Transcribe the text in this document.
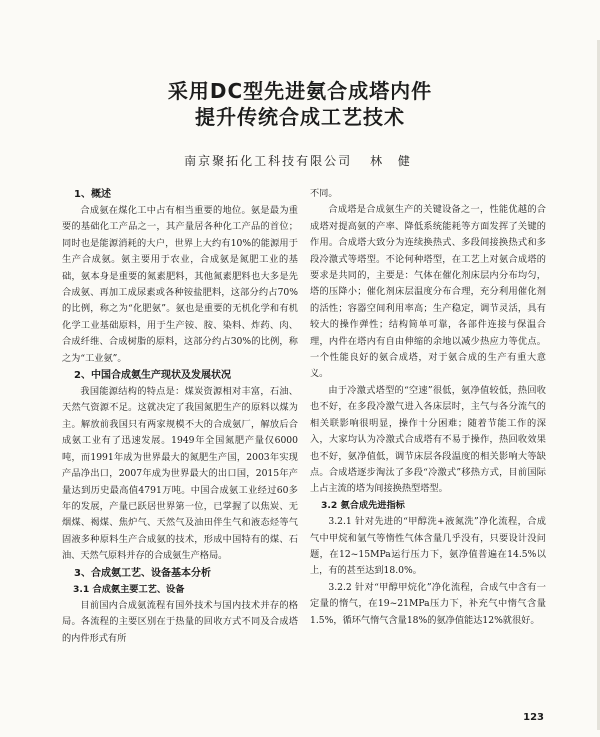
采用DC型先进氨合成塔内件
提升传统合成工艺技术
南京聚拓化工科技有限公司 林 健
1、概述

合成氨在煤化工中占有相当重要的地位。氨是最为重要的基础化工产品之一，其产量居各种化工产品的首位；同时也是能源消耗的大户，世界上大约有10%的能源用于生产合成氨。氨主要用于农业，合成氨是氮肥工业的基础，氨本身是重要的氮素肥料，其他氮素肥料也大多是先合成氨、再加工成尿素或各种铵盐肥料，这部分约占70%的比例，称之为“化肥氨”。氨也是重要的无机化学和有机化学工业基础原料，用于生产铵、胺、染料、炸药、肉、合成纤维、合成树脂的原料，这部分约占30%的比例，称之为“工业氨”。

2、中国合成氨生产现状及发展状况

我国能源结构的特点是：煤炭资源相对丰富，石油、天然气资源不足。这就决定了我国氮肥生产的原料以煤为主。解放前我国只有两家规模不大的合成氨厂，解放后合成氨工业有了迅速发展。1949年全国氮肥产量仅6000吨，而1991年成为世界最大的氮肥生产国，2003年实现产品净出口，2007年成为世界最大的出口国，2015年产量达到历史最高值4791万吨。中国合成氨工业经过60多年的发展，产量已跃居世界第一位，已掌握了以焦炭、无烟煤、褐煤、焦炉气、天然气及油田伴生气和液态烃等气固液多种原料生产合成氨的技术，形成中国特有的煤、石油、天然气原料并存的合成氨生产格局。

3、合成氨工艺、设备基本分析
3.1 合成氨主要工艺、设备

目前国内合成氨流程有国外技术与国内技术并存的格局。各流程的主要区别在于热量的回收方式不同及合成塔的内件形式有所

不同。

合成塔是合成氨生产的关键设备之一，性能优越的合成塔对提高氨的产率、降低系统能耗等方面发挥了关键的作用。合成塔大致分为连续换热式、多段间接换热式和多段冷激式等塔型。不论何种塔型，在工艺上对氨合成塔的要求是共同的，主要是：气体在催化剂床层内分布均匀，塔的压降小；催化剂床层温度分布合理，充分利用催化剂的活性；容器空间利用率高；生产稳定，调节灵活，具有较大的操作弹性；结构简单可靠，各部件连接与保温合理，内件在塔内有自由伸缩的余地以减少热应力等优点。一个性能良好的氨合成塔，对于氨合成的生产有重大意义。

由于冷激式塔型的“空速”很低，氨净值较低，热回收也不好，在多段冷激气进入各床层时，主气与各分流气的相关联影响很明显，操作十分困难；随着节能工作的深入，大家均认为冷激式合成塔有不易于操作，热回收效果也不好，氨净值低，调节床层各段温度的相关影响大等缺点。合成塔逐步淘汰了多段“冷激式”移热方式，目前国际上占主流的塔为间接换热型塔型。

3.2 氨合成先进指标

3.2.1 针对先进的“甲醇洗+液氮洗”净化流程，合成气中甲烷和氩气等惰性气体含量几乎没有，只要设计没问题，在12~15MPa运行压力下，氨净值普遍在14.5%以上，有的甚至达到18.0%。

3.2.2 针对“甲醇甲烷化”净化流程，合成气中含有一定量的惰气，在19~21MPa压力下，补充气中惰气含量1.5%，循环气惰气含量18%的氨净值能达12%就很好。

123
